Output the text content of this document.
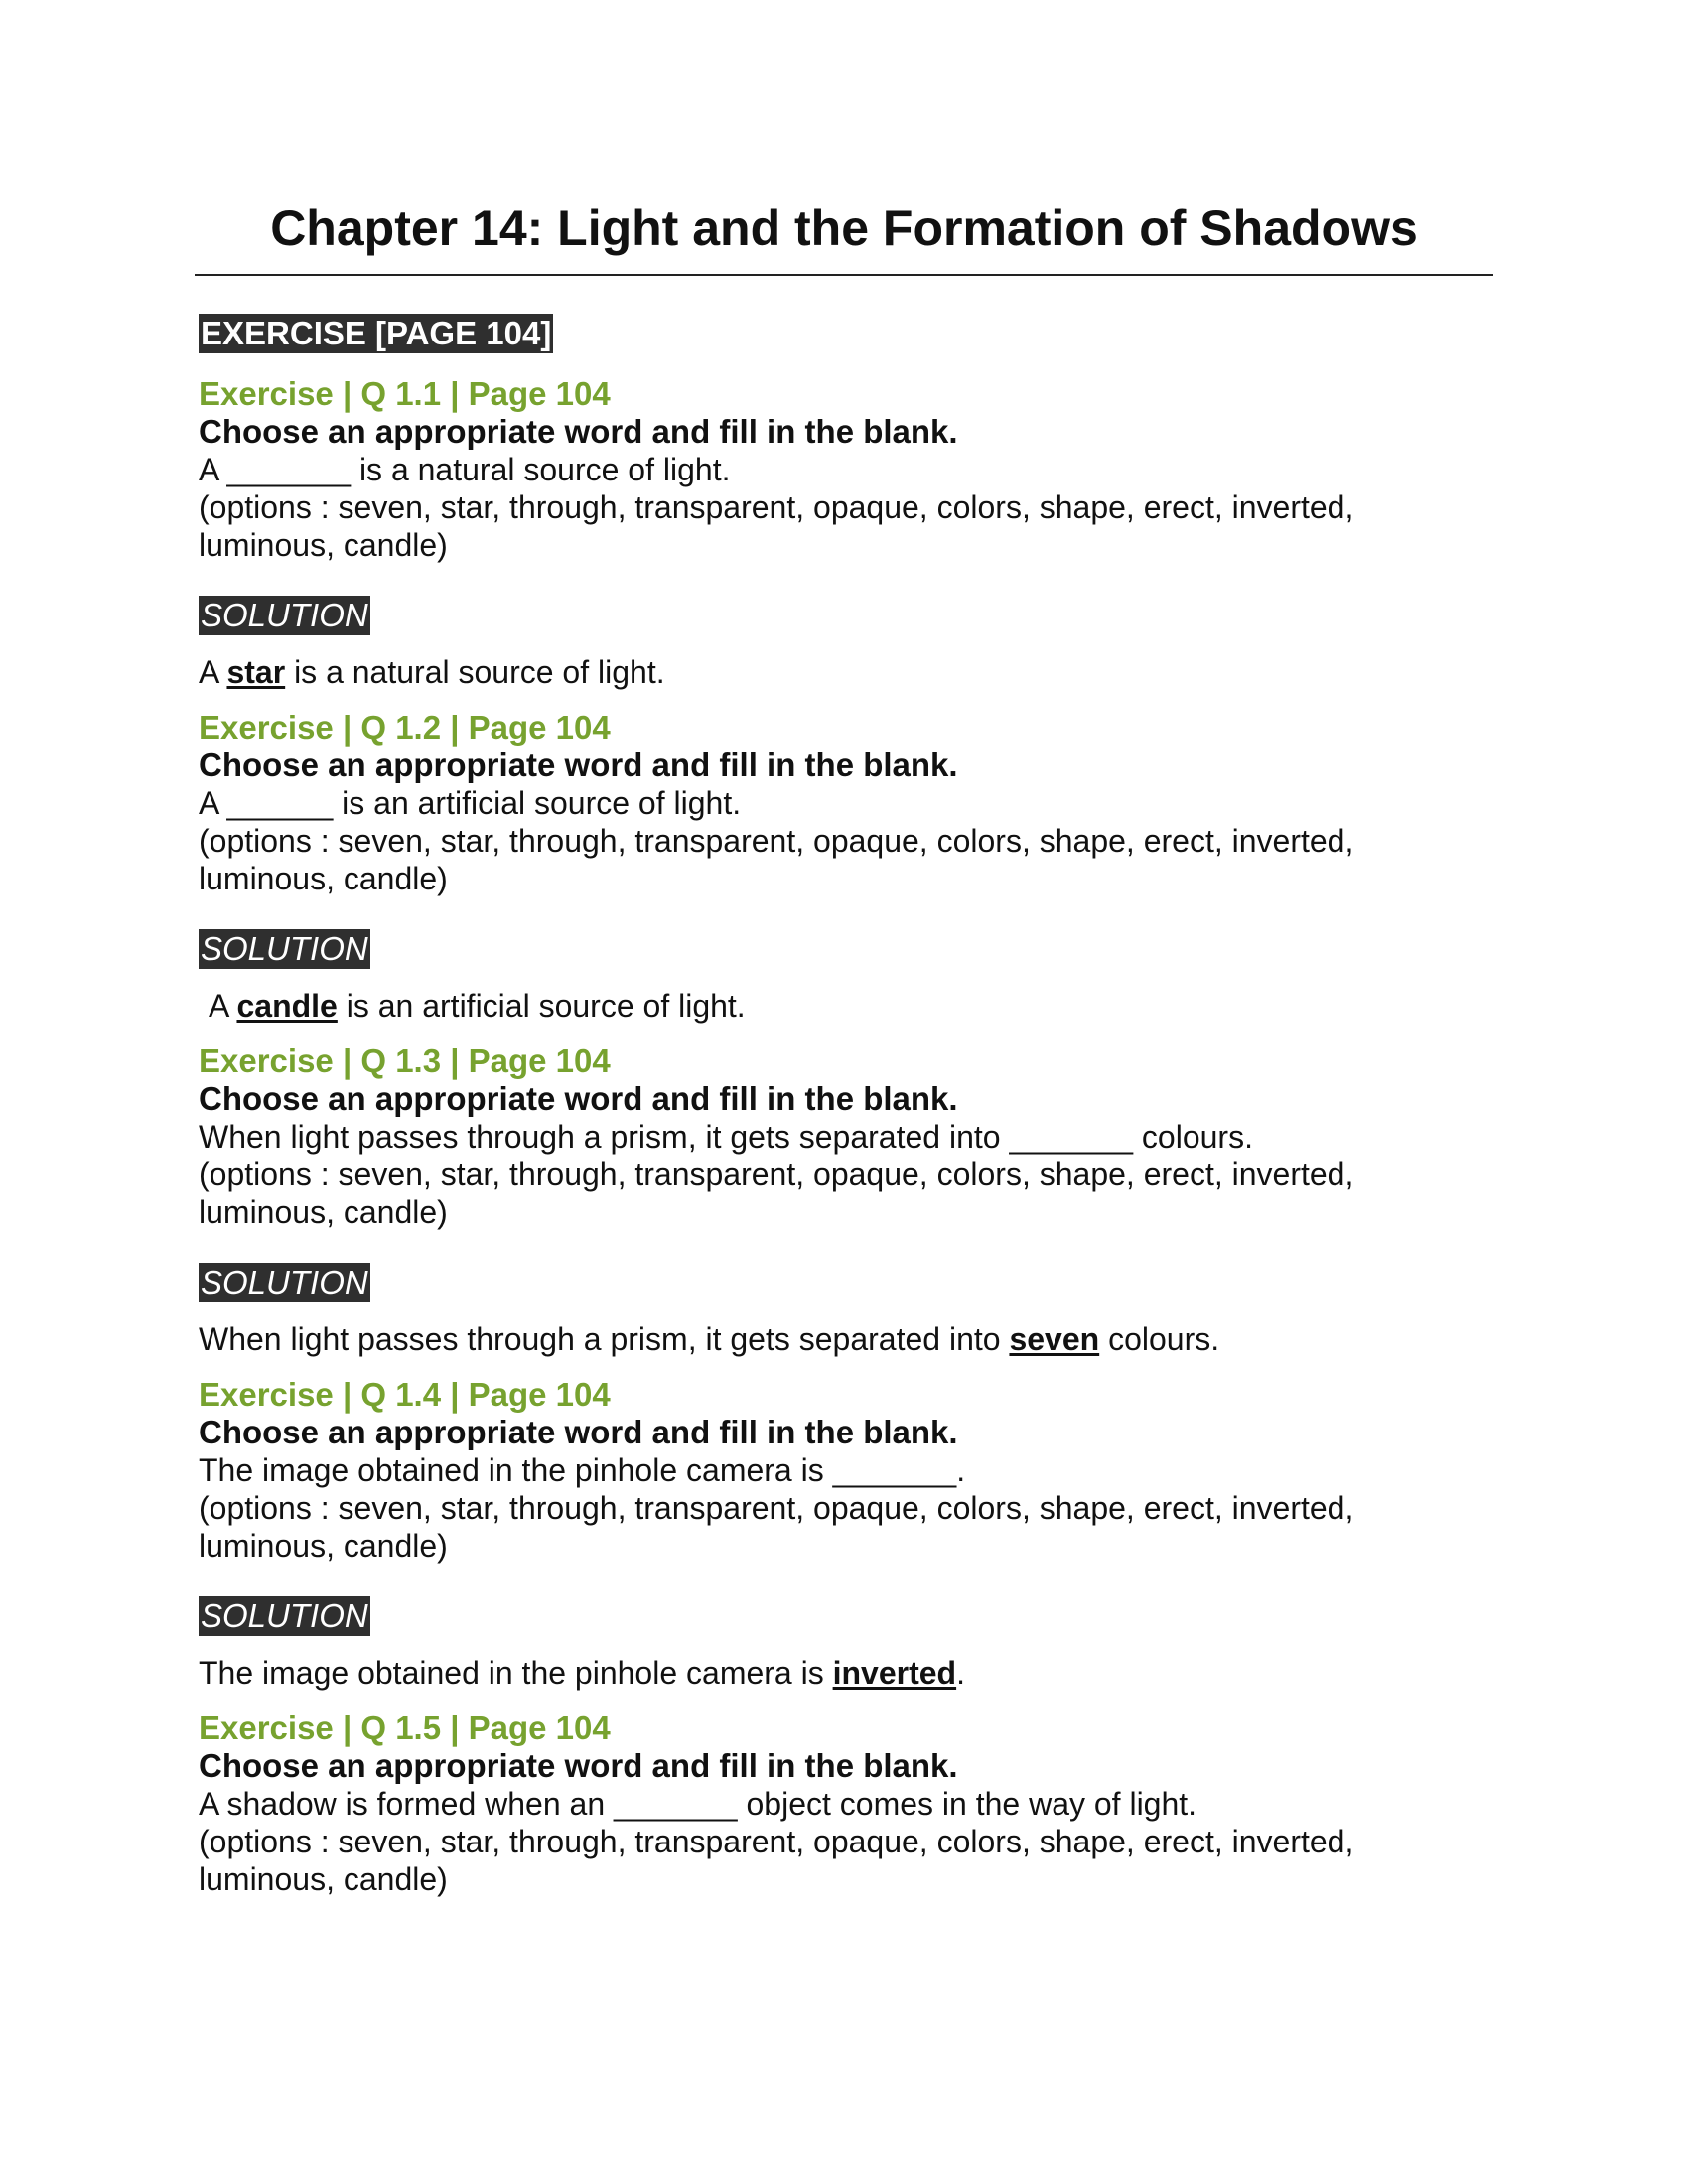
Chapter 14: Light and the Formation of Shadows
EXERCISE [PAGE 104]

Exercise | Q 1.1 | Page 104

Choose an appropriate word and fill in the blank.

A _______ is a natural source of light.

(options : seven, star, through, transparent, opaque, colors, shape, erect, inverted, luminous, candle)

SOLUTION

A star is a natural source of light.

Exercise | Q 1.2 | Page 104

Choose an appropriate word and fill in the blank.

A ______ is an artificial source of light.

(options : seven, star, through, transparent, opaque, colors, shape, erect, inverted, luminous, candle)

SOLUTION

A candle is an artificial source of light.

Exercise | Q 1.3 | Page 104

Choose an appropriate word and fill in the blank.

When light passes through a prism, it gets separated into _______ colours.

(options : seven, star, through, transparent, opaque, colors, shape, erect, inverted, luminous, candle)

SOLUTION

When light passes through a prism, it gets separated into seven colours.

Exercise | Q 1.4 | Page 104

Choose an appropriate word and fill in the blank.

The image obtained in the pinhole camera is _______.

(options : seven, star, through, transparent, opaque, colors, shape, erect, inverted, luminous, candle)

SOLUTION

The image obtained in the pinhole camera is inverted.

Exercise | Q 1.5 | Page 104

Choose an appropriate word and fill in the blank.

A shadow is formed when an _______ object comes in the way of light.

(options : seven, star, through, transparent, opaque, colors, shape, erect, inverted, luminous, candle)
